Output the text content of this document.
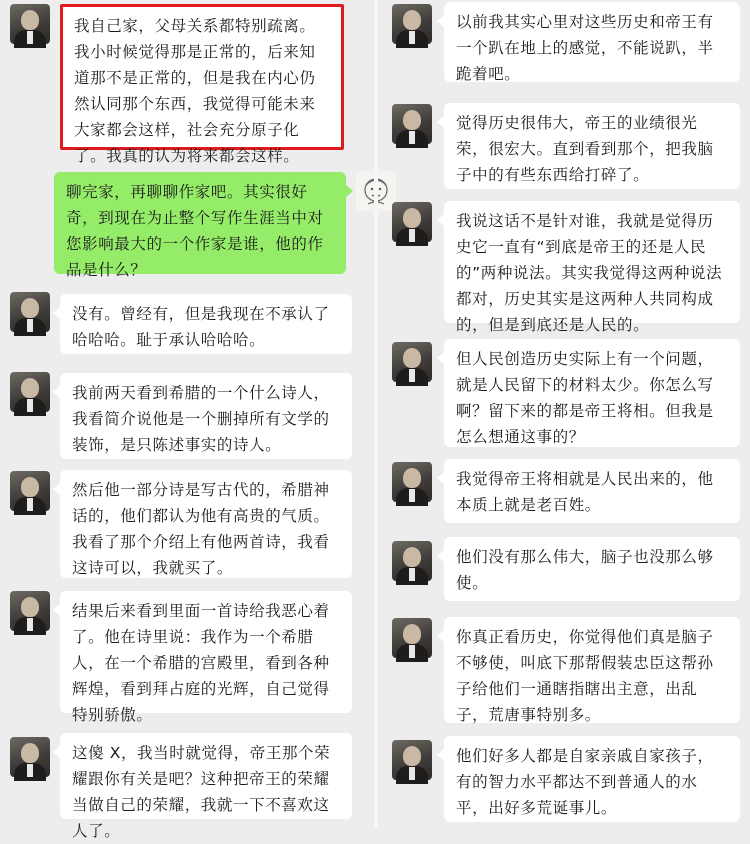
我自己家，父母关系都特别疏离。我小时候觉得那是正常的，后来知道那不是正常的，但是我在内心仍然认同那个东西，我觉得可能未来大家都会这样，社会充分原子化了。我真的认为将来都会这样。
聊完家，再聊聊作家吧。其实很好奇，到现在为止整个写作生涯当中对您影响最大的一个作家是谁，他的作品是什么？
没有。曾经有，但是我现在不承认了哈哈哈。耻于承认哈哈哈。
我前两天看到希腊的一个什么诗人，我看简介说他是一个删掉所有文学的装饰，是只陈述事实的诗人。
然后他一部分诗是写古代的，希腊神话的，他们都认为他有高贵的气质。我看了那个介绍上有他两首诗，我看这诗可以，我就买了。
结果后来看到里面一首诗给我恶心着了。他在诗里说：我作为一个希腊人，在一个希腊的宫殿里，看到各种辉煌，看到拜占庭的光辉，自己觉得特别骄傲。
这傻 X，我当时就觉得，帝王那个荣耀跟你有关是吧？这种把帝王的荣耀当做自己的荣耀，我就一下不喜欢这人了。
以前我其实心里对这些历史和帝王有一个趴在地上的感觉，不能说趴，半跪着吧。
觉得历史很伟大，帝王的业绩很光荣，很宏大。直到看到那个，把我脑子中的有些东西给打碎了。
我说这话不是针对谁，我就是觉得历史它一直有“到底是帝王的还是人民的”两种说法。其实我觉得这两种说法都对，历史其实是这两种人共同构成的，但是到底还是人民的。
但人民创造历史实际上有一个问题，就是人民留下的材料太少。你怎么写啊？留下来的都是帝王将相。但我是怎么想通这事的？
我觉得帝王将相就是人民出来的，他本质上就是老百姓。
他们没有那么伟大，脑子也没那么够使。
你真正看历史，你觉得他们真是脑子不够使，叫底下那帮假装忠臣这帮孙子给他们一通瞎指瞎出主意，出乱子，荒唐事特别多。
他们好多人都是自家亲戚自家孩子，有的智力水平都达不到普通人的水平，出好多荒诞事儿。
